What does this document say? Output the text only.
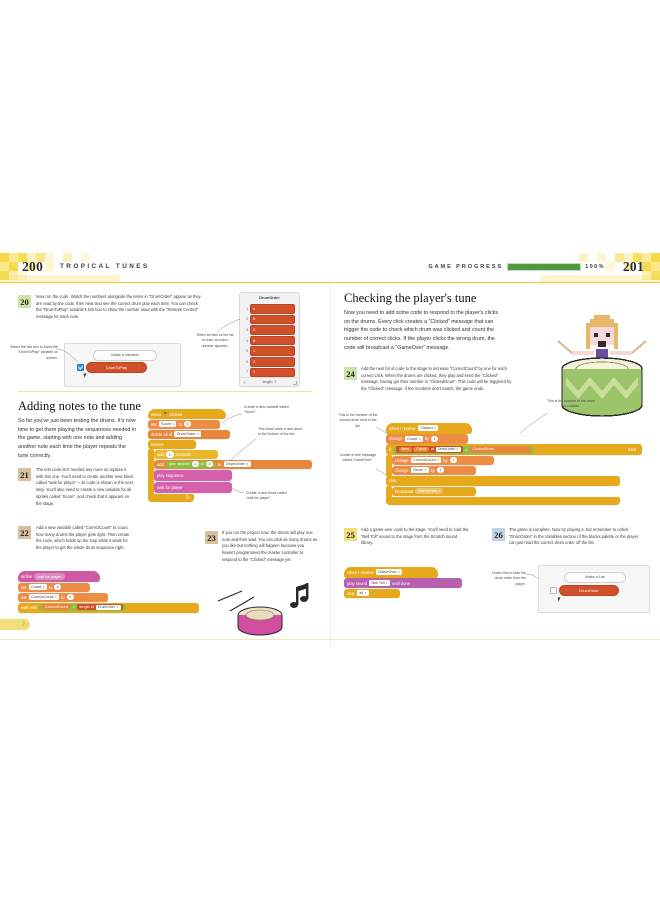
200	TROPICAL TUNES	GAME PROGRESS	100% 201
20	Now run the code. Watch the numbers alongside the items in “DrumOrder” appear as they are read by the code, then hear and see the correct drum play each time. You can check the “DrumToPlay” variable's tick box to show the number used with the “Remote Control” message for each note.
Make a Variable
DrumToPlay
Select the tick box to show the “DrumToPlay” variable on screen.
DrumOrder
1	4
2	5
3	3
4	8
5	1
6	2
7	3
length: 7
+
When an item of the list is read, an index number appears.
Adding notes to the tune
So far you've just been testing the drums. It's now time to get them playing the sequences needed in the game, starting with one note and adding another note each time the player repeats the tune correctly.
when ⚑ clicked
set Score ▾ to	0
delete all of DrumOrder ▾
forever
↻
wait	2	seconds
add	pick random	1	to	3	to DrumOrder ▾
play sequence
wait for player
Create a new variable called “Score”.
This block adds a new drum to the bottom of the list.
Create a new block called “wait for player”.
21	The test code isn't needed any more so replace it with this one. You'll need to create another new block called “wait for player” – its code is shown in the next step. You'll also need to create a new variable for all sprites called “Score”, and check that it appears on the stage.
22	Add a new variable called “CorrectCount” to count how many drums the player gets right. Then create the code, which holds up the loop while it waits for the player to get the whole drum sequence right.
23	If you run the project now, the drums will play one note and then wait. You can click as many drums as you like but nothing will happen because you haven't programmed the master controller to respond to the “Clicked” message yet.
define	wait for player
set Count ▾ to	0
set CorrectCount ▾ to	0
wait until	CorrectCount	= length of DrumOrder ▾
❯
Checking the player's tune
Now you need to add some code to respond to the player's clicks on the drums. Every click creates a “Clicked” message that can trigger the code to check which drum was clicked and count the number of correct clicks. If the player clicks the wrong drum, the code will broadcast a “GameOver” message.
24	Add the next bit of code to the stage to increase “CorrectCount” by one for each correct click. When the drums are clicked, they play and send the “Clicked” message, having got their number in “ClickedDrum”. This code will be triggered by the “Clicked” message. If the numbers don't match, the game ends.
This is the number of the correct drum held in the list.
Create a new message called “GameOver”.
This is the number of the drum you clicked.
when I receive Clicked ▾
change Count ▾ by	1
if	item	Count	of DrumOrder ▾ =	ClickedDrum	then
change CorrectCount ▾ by	1
change Score ▾ by	1
else
broadcast GameOver ▾
25	Add a game-over code to the stage. You'll need to load the “Bell Toll” sound to the stage from the Scratch sound library.
when I receive GameOver ▾
play sound Bell Toll ▾ until done
stop all ▾
26	The game is complete. Now try playing it, but remember to untick “DrumOrder” in the Variables section of the blocks palette or the player can just read the correct drum order off the list.
Untick this to hide the drum order from the player.
Make a List
DrumOrder
